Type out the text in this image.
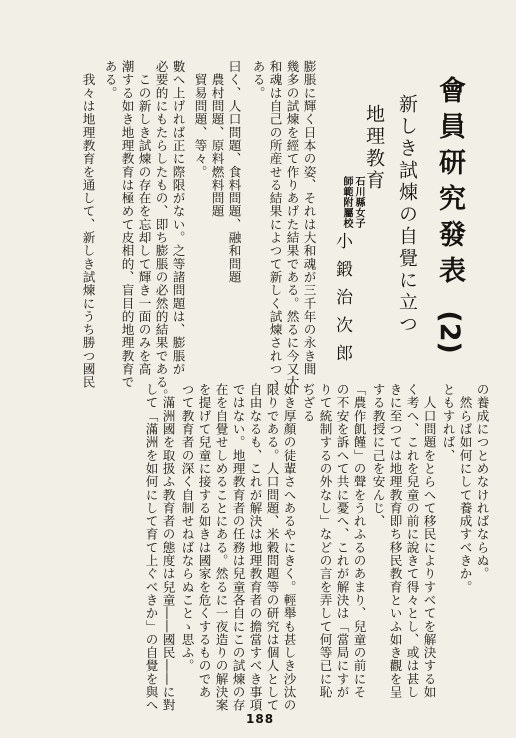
會員研究發表 (2)
新しき試煉の自覺に立つ
地理教育
石川縣女子
師範附屬校
小鍛治次郎
膨脹に輝く日本の姿、それは大和魂が三千年の永き間
幾多の試煉を經て作りあげた結果である。然るに今又大
和魂は自己の所産せる結果によつて新しく試煉されつゝ
ある。
曰く、人口問題、食料問題、融和問題
　農村問題、原料燃料問題
　貿易問題、等々。
數へ上げれば正に際限がない。之等諸問題は、膨脹が
必要的にもたらしたもの、即ち膨脹の必然的結果である。
　この新しき試煉の存在を忘却して輝き一面のみを高
潮する如き地理教育は極めて皮相的、盲目的地理教育で
ある。
　我々は地理教育を通して、新しき試煉にうち勝つ國民
の養成につとめなければならぬ。
　然らば如何にして養成すべきか。
ともすれば、
　人口問題をとらへて移民によりすべてを解決する如
く考へ、これを兒童の前に說きて得々とし、或は甚し
きに至つては地理教育即ち移民教育といふ如き觀を呈
する教授に己を安んじ、
「農作飢饉」の聲をうれふるのあまり、兒童の前にそ
の不安を訴へて共に憂へ、これが解決は「當局にすが
りて統制するの外なし」などの言を弄して何等已に恥
ぢざる
如き厚顏の徒輩さへあるやにきく。輕舉も甚しき沙汰の
限りである。人口問題、米穀問題等の研究は個人として
自由なるも、これが解決は地理教育者の擔當すべき事項
ではない。地理教育者の任務は兒童各自にこの試煉の存
在を自覺せしめることにある。然るに一夜造りの解決案
を提げて兒童に接する如きは國家を危くするものであ
つて教育者の深く自制せねばならぬことゝ思ふ。
　滿洲國を取扱ふ教育者の態度は兒童――國民――に對
して「滿洲を如何にして育て上ぐべきか」の自覺を與へ
188
